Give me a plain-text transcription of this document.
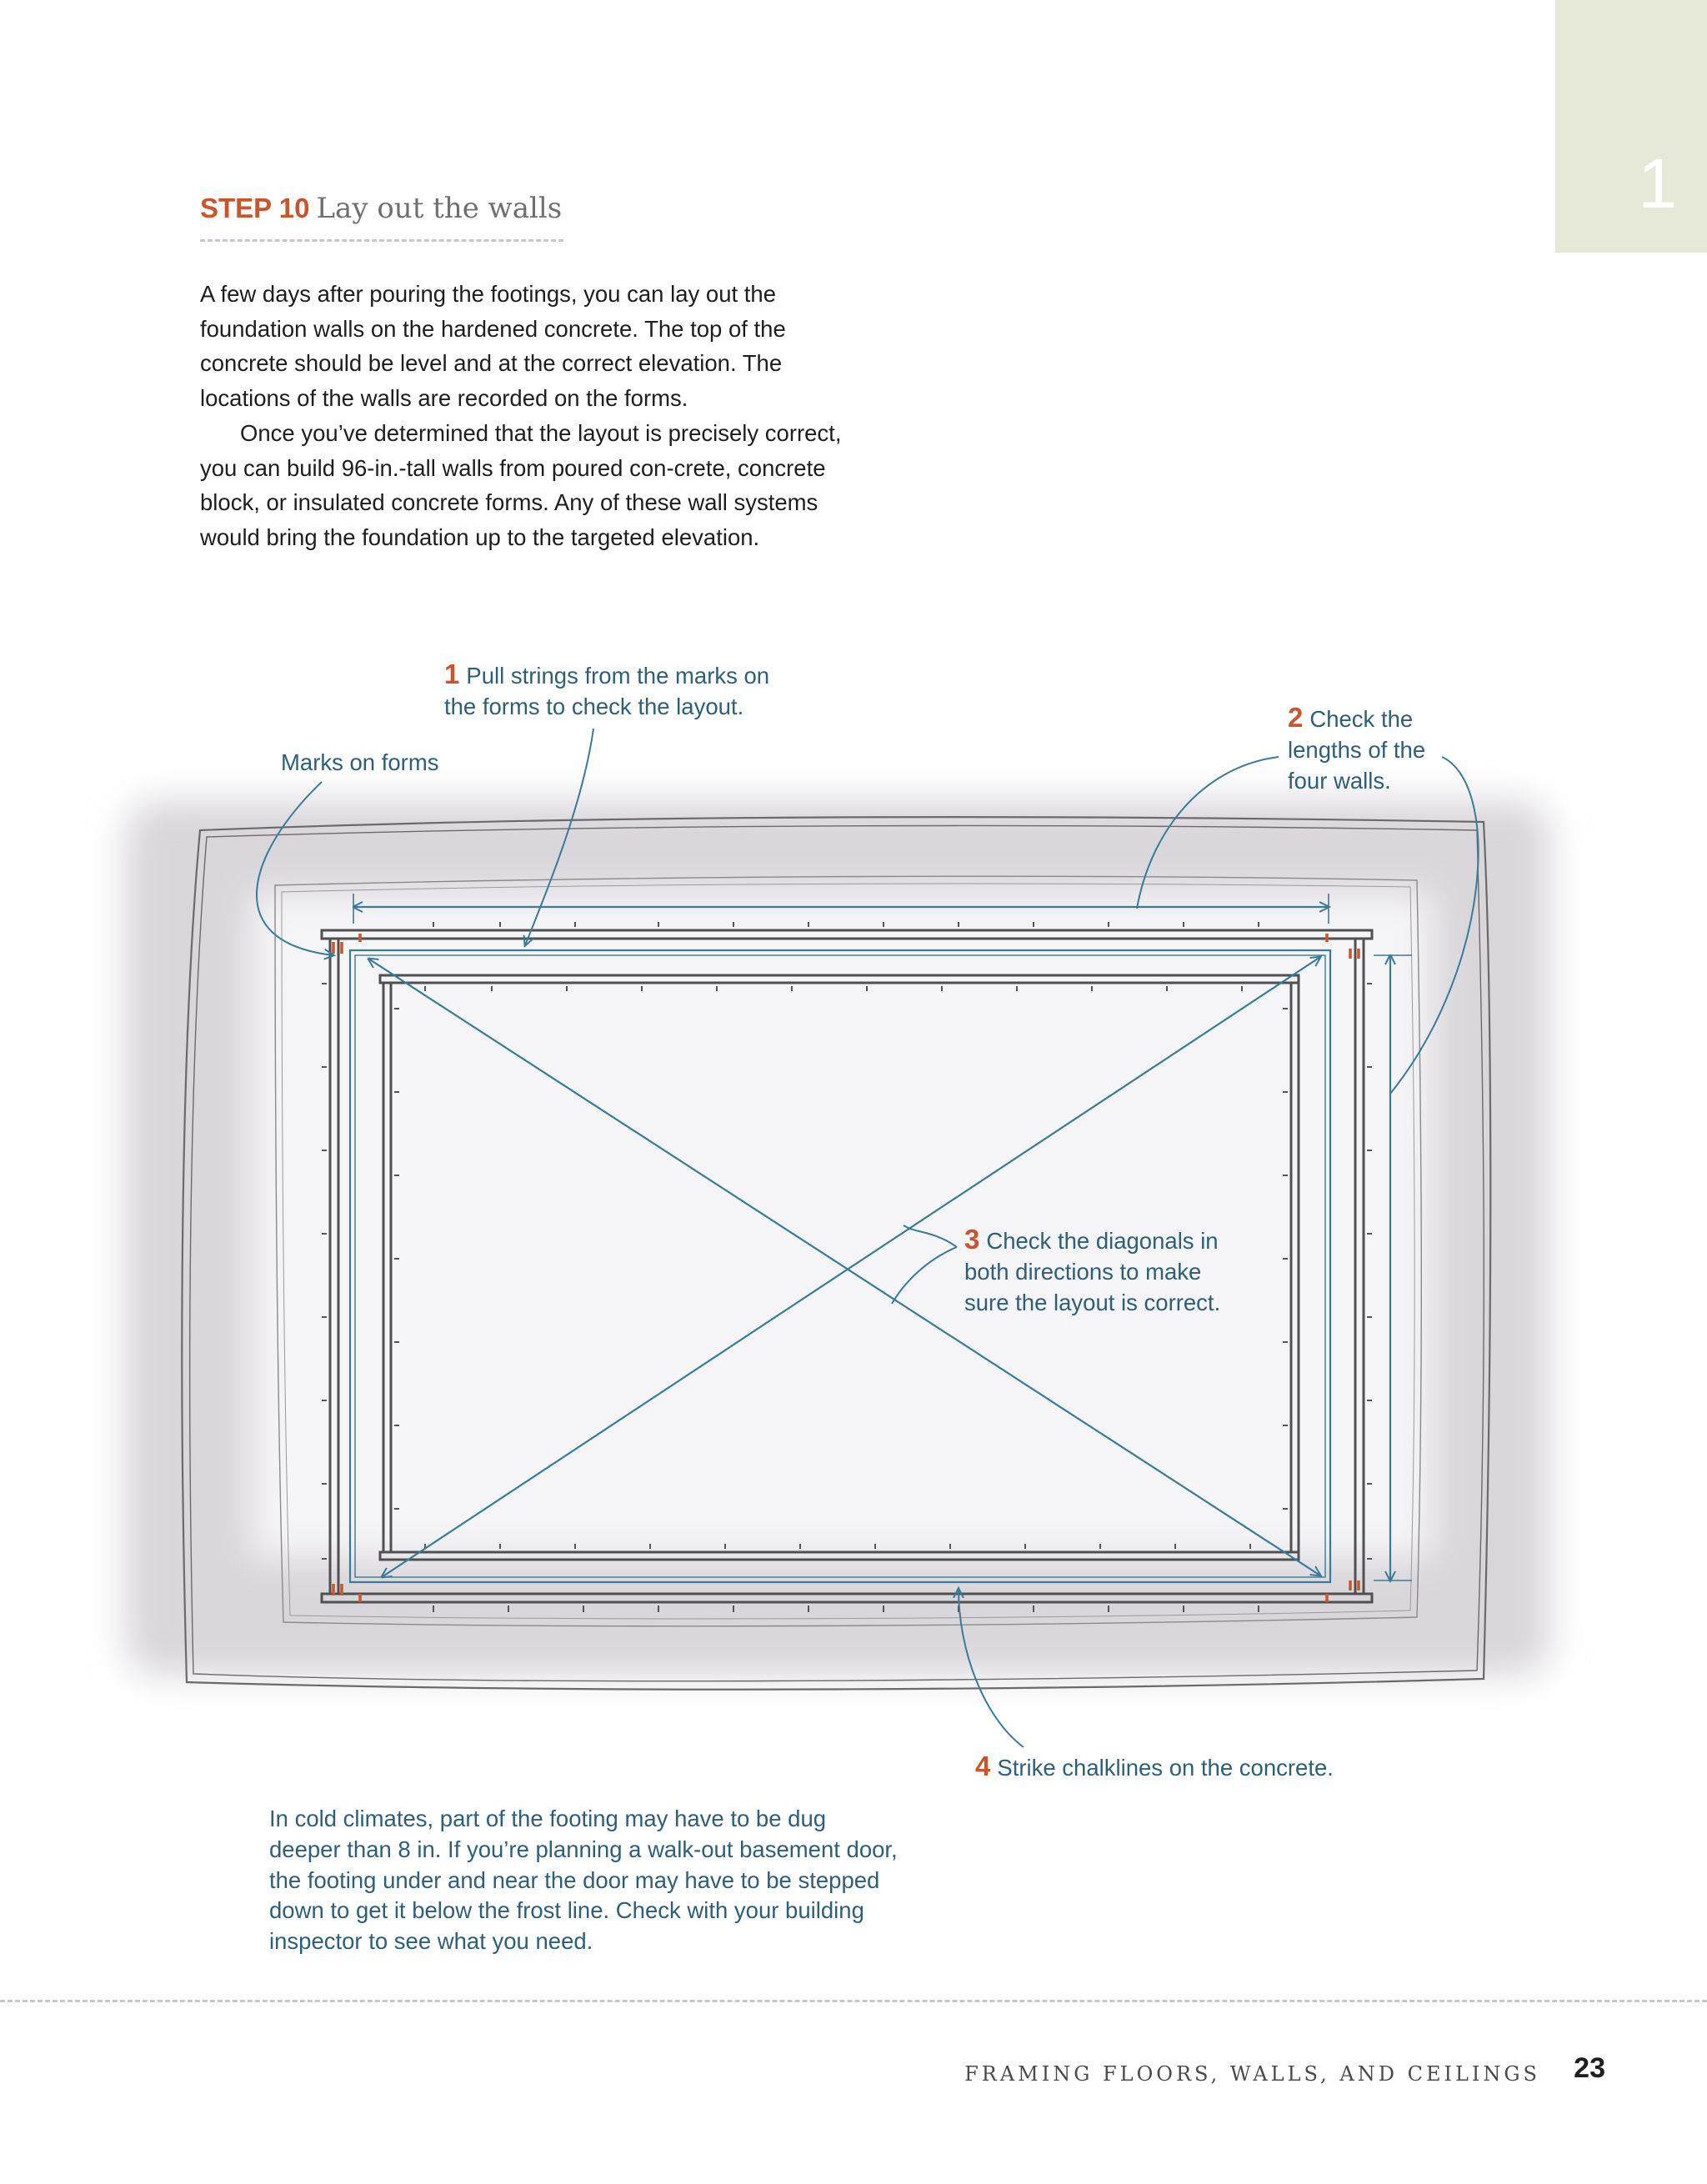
1
STEP 10 Lay out the walls

A few days after pouring the footings, you can lay out the foundation walls on the hardened concrete. The top of the concrete should be level and at the correct elevation. The locations of the walls are recorded on the forms.

Once you’ve determined that the layout is precisely correct, you can build 96-in.-tall walls from poured con-crete, concrete block, or insulated concrete forms. Any of these wall systems would bring the foundation up to the targeted elevation.

Marks on forms
1 Pull strings from the marks on the forms to check the layout.	2 Check the lengths of the four walls.
3 Check the diagonals in both directions to make sure the layout is correct.
4 Strike chalklines on the concrete.
In cold climates, part of the footing may have to be dug deeper than 8 in. If you’re planning a walk-out basement door, the footing under and near the door may have to be stepped down to get it below the frost line. Check with your building inspector to see what you need.
FRAMING FLOORS, WALLS, AND CEILINGS 23
